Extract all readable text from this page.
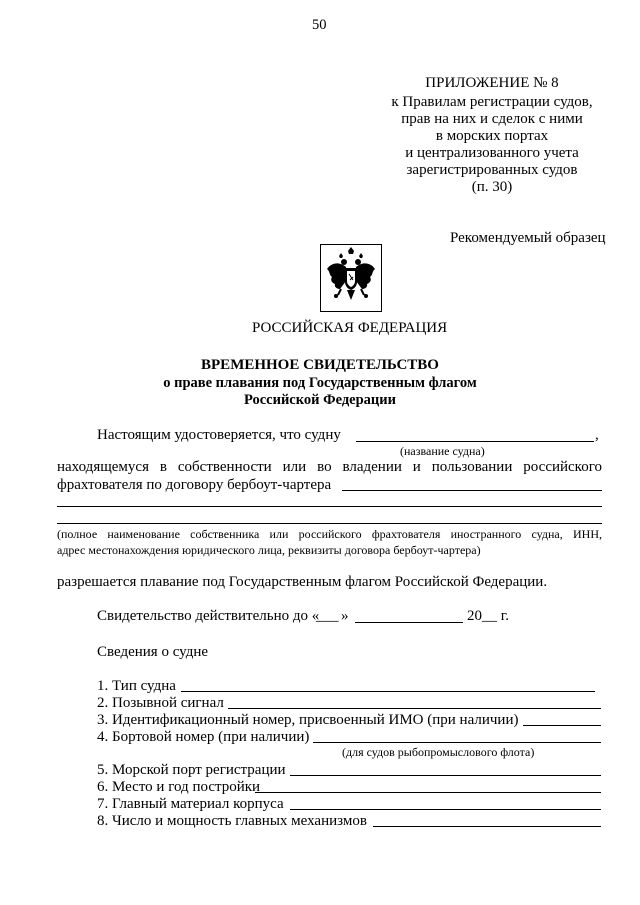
50
ПРИЛОЖЕНИЕ № 8
к Правилам регистрации судов,
прав на них и сделок с ними
в морских портах
и централизованного учета
зарегистрированных судов
(п. 30)
Рекомендуемый образец
РОССИЙСКАЯ ФЕДЕРАЦИЯ
ВРЕМЕННОЕ СВИДЕТЕЛЬСТВО
о праве плавания под Государственным флагом
Российской Федерации
Настоящим удостоверяется, что судну	,
(название судна)
находящемуся в собственности или во владении и пользовании российского
фрахтователя по договору бербоут-чартера
(полное наименование собственника или российского фрахтователя иностранного судна, ИНН,
адрес местонахождения юридического лица, реквизиты договора бербоут-чартера)
разрешается плавание под Государственным флагом Российской Федерации.
Свидетельство действительно до «
___ »	20__ г.
Сведения о судне
1. Тип судна
2. Позывной сигнал
3. Идентификационный номер, присвоенный ИМО (при наличии)
4. Бортовой номер (при наличии)
(для судов рыбопромыслового флота)
5. Морской порт регистрации
6. Место и год постройки
7. Главный материал корпуса
8. Число и мощность главных механизмов
